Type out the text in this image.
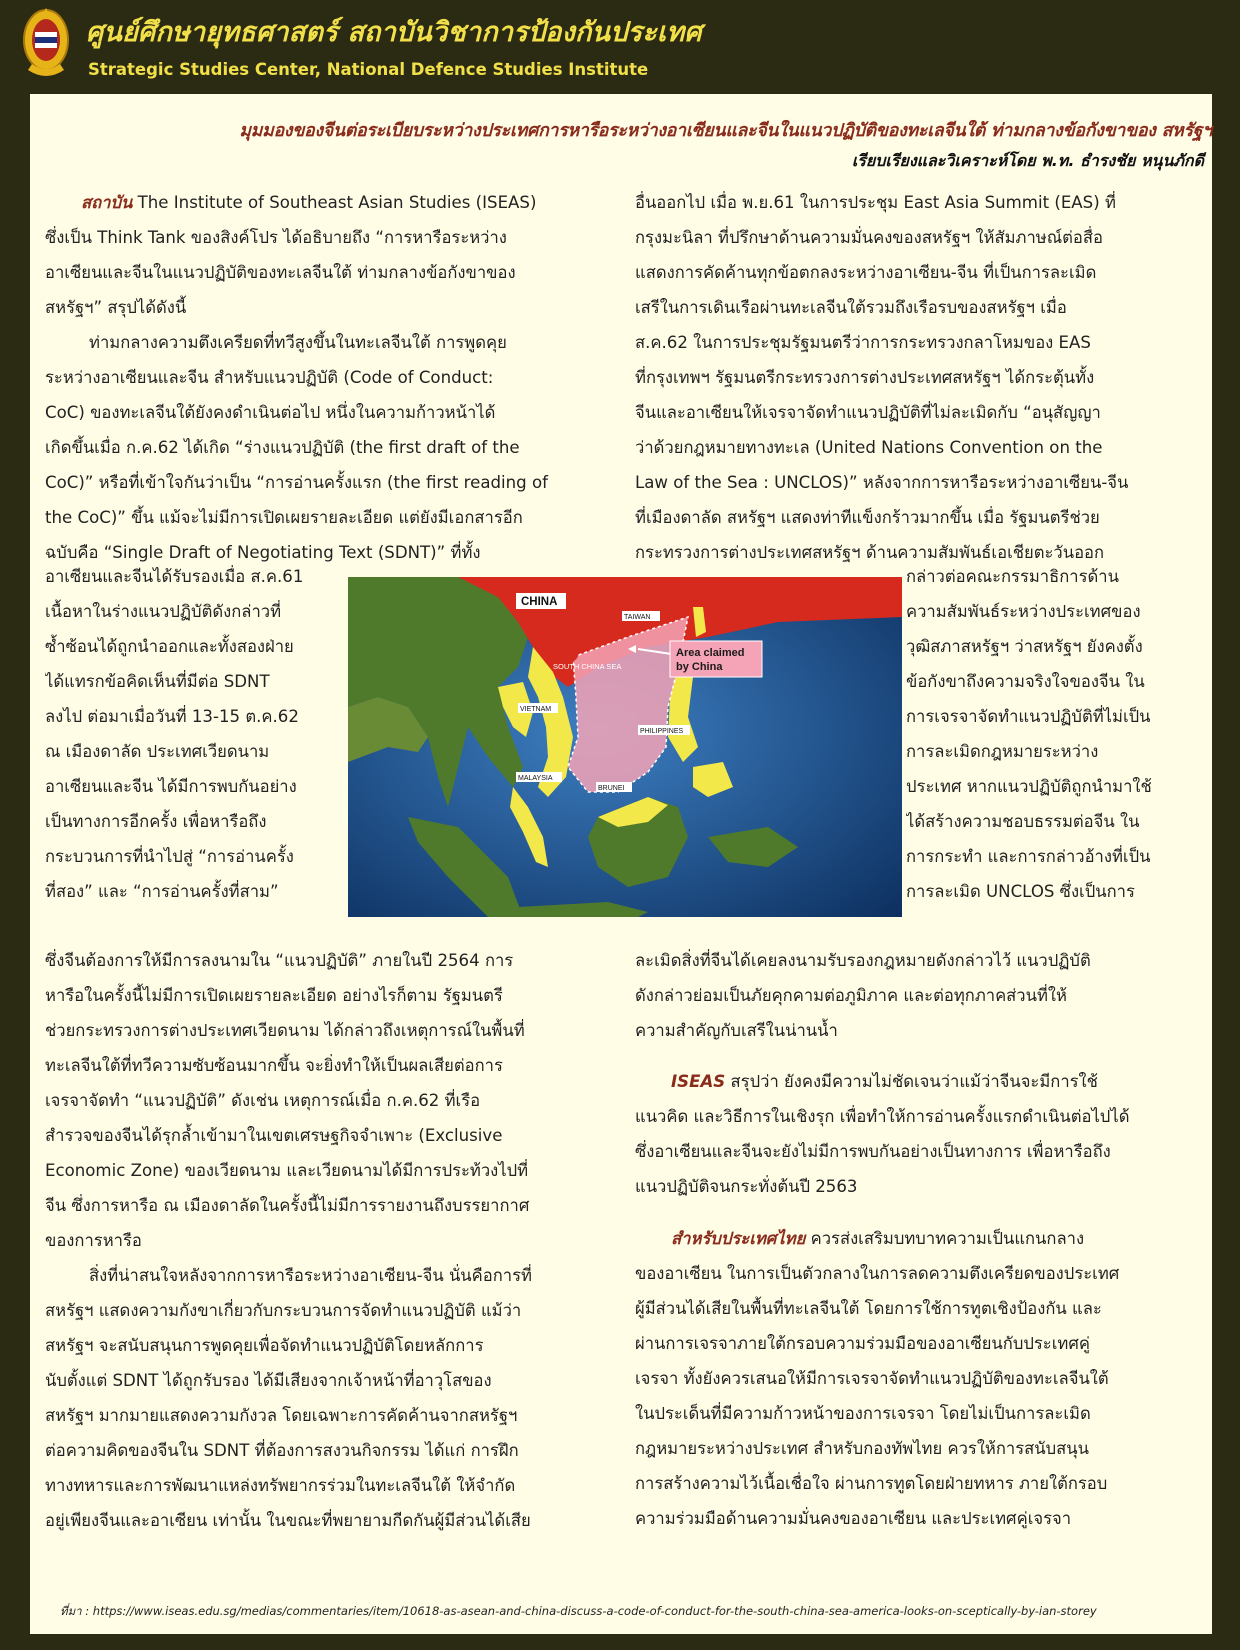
ศูนย์ศึกษายุทธศาสตร์ สถาบันวิชาการป้องกันประเทศ
Strategic Studies Center, National Defence Studies Institute
มุมมองของจีนต่อระเบียบระหว่างประเทศการหารือระหว่างอาเซียนและจีนในแนวปฏิบัติของทะเลจีนใต้ ท่ามกลางข้อกังขาของ สหรัฐฯ
เรียบเรียงและวิเคราะห์โดย พ.ท. ธำรงชัย หนุนภักดี
สถาบัน The Institute of Southeast Asian Studies (ISEAS)
ซึ่งเป็น Think Tank ของสิงค์โปร ได้อธิบายถึง “การหารือระหว่าง
อาเซียนและจีนในแนวปฏิบัติของทะเลจีนใต้ ท่ามกลางข้อกังขาของ
สหรัฐฯ” สรุปได้ดังนี้
ท่ามกลางความตึงเครียดที่ทวีสูงขึ้นในทะเลจีนใต้ การพูดคุย
ระหว่างอาเซียนและจีน สำหรับแนวปฏิบัติ (Code of Conduct:
CoC) ของทะเลจีนใต้ยังคงดำเนินต่อไป หนึ่งในความก้าวหน้าได้
เกิดขึ้นเมื่อ ก.ค.62 ได้เกิด “ร่างแนวปฏิบัติ (the first draft of the
CoC)” หรือที่เข้าใจกันว่าเป็น “การอ่านครั้งแรก (the first reading of
the CoC)” ขึ้น แม้จะไม่มีการเปิดเผยรายละเอียด แต่ยังมีเอกสารอีก
ฉบับคือ “Single Draft of Negotiating Text (SDNT)” ที่ทั้ง
อาเซียนและจีนได้รับรองเมื่อ ส.ค.61
เนื้อหาในร่างแนวปฏิบัติดังกล่าวที่
ซ้ำซ้อนได้ถูกนำออกและทั้งสองฝ่าย
ได้แทรกข้อคิดเห็นที่มีต่อ SDNT
ลงไป ต่อมาเมื่อวันที่ 13-15 ต.ค.62
ณ เมืองดาลัด ประเทศเวียดนาม
อาเซียนและจีน ได้มีการพบกันอย่าง
เป็นทางการอีกครั้ง เพื่อหารือถึง
กระบวนการที่นำไปสู่ “การอ่านครั้ง
ที่สอง” และ “การอ่านครั้งที่สาม”
ซึ่งจีนต้องการให้มีการลงนามใน “แนวปฏิบัติ” ภายในปี 2564 การ
หารือในครั้งนี้ไม่มีการเปิดเผยรายละเอียด อย่างไรก็ตาม รัฐมนตรี
ช่วยกระทรวงการต่างประเทศเวียดนาม ได้กล่าวถึงเหตุการณ์ในพื้นที่
ทะเลจีนใต้ที่ทวีความซับซ้อนมากขึ้น จะยิ่งทำให้เป็นผลเสียต่อการ
เจรจาจัดทำ “แนวปฏิบัติ” ดังเช่น เหตุการณ์เมื่อ ก.ค.62 ที่เรือ
สำรวจของจีนได้รุกล้ำเข้ามาในเขตเศรษฐกิจจำเพาะ (Exclusive
Economic Zone) ของเวียดนาม และเวียดนามได้มีการประท้วงไปที่
จีน ซึ่งการหารือ ณ เมืองดาลัดในครั้งนี้ไม่มีการรายงานถึงบรรยากาศ
ของการหารือ
สิ่งที่น่าสนใจหลังจากการหารือระหว่างอาเซียน-จีน นั่นคือการที่
สหรัฐฯ แสดงความกังขาเกี่ยวกับกระบวนการจัดทำแนวปฏิบัติ แม้ว่า
สหรัฐฯ จะสนับสนุนการพูดคุยเพื่อจัดทำแนวปฏิบัติโดยหลักการ
นับตั้งแต่ SDNT ได้ถูกรับรอง ได้มีเสียงจากเจ้าหน้าที่อาวุโสของ
สหรัฐฯ มากมายแสดงความกังวล โดยเฉพาะการคัดค้านจากสหรัฐฯ
ต่อความคิดของจีนใน SDNT ที่ต้องการสงวนกิจกรรม ได้แก่ การฝึก
ทางทหารและการพัฒนาแหล่งทรัพยากรร่วมในทะเลจีนใต้ ให้จำกัด
อยู่เพียงจีนและอาเซียน เท่านั้น ในขณะที่พยายามกีดกันผู้มีส่วนได้เสีย
อื่นออกไป เมื่อ พ.ย.61 ในการประชุม East Asia Summit (EAS) ที่
กรุงมะนิลา ที่ปรึกษาด้านความมั่นคงของสหรัฐฯ ให้สัมภาษณ์ต่อสื่อ
แสดงการคัดค้านทุกข้อตกลงระหว่างอาเซียน-จีน ที่เป็นการละเมิด
เสรีในการเดินเรือผ่านทะเลจีนใต้รวมถึงเรือรบของสหรัฐฯ เมื่อ
ส.ค.62 ในการประชุมรัฐมนตรีว่าการกระทรวงกลาโหมของ EAS
ที่กรุงเทพฯ รัฐมนตรีกระทรวงการต่างประเทศสหรัฐฯ ได้กระตุ้นทั้ง
จีนและอาเซียนให้เจรจาจัดทำแนวปฏิบัติที่ไม่ละเมิดกับ “อนุสัญญา
ว่าด้วยกฎหมายทางทะเล (United Nations Convention on the
Law of the Sea : UNCLOS)” หลังจากการหารือระหว่างอาเซียน-จีน
ที่เมืองดาลัด สหรัฐฯ แสดงท่าทีแข็งกร้าวมากขึ้น เมื่อ รัฐมนตรีช่วย
กระทรวงการต่างประเทศสหรัฐฯ ด้านความสัมพันธ์เอเชียตะวันออก
กล่าวต่อคณะกรรมาธิการด้าน
ความสัมพันธ์ระหว่างประเทศของ
วุฒิสภาสหรัฐฯ ว่าสหรัฐฯ ยังคงตั้ง
ข้อกังขาถึงความจริงใจของจีน ใน
การเจรจาจัดทำแนวปฏิบัติที่ไม่เป็น
การละเมิดกฎหมายระหว่าง
ประเทศ หากแนวปฏิบัติถูกนำมาใช้
ได้สร้างความชอบธรรมต่อจีน ใน
การกระทำ และการกล่าวอ้างที่เป็น
การละเมิด UNCLOS ซึ่งเป็นการ
ละเมิดสิ่งที่จีนได้เคยลงนามรับรองกฎหมายดังกล่าวไว้ แนวปฏิบัติ
ดังกล่าวย่อมเป็นภัยคุกคามต่อภูมิภาค และต่อทุกภาคส่วนที่ให้
ความสำคัญกับเสรีในน่านน้ำ
ISEAS สรุปว่า ยังคงมีความไม่ชัดเจนว่าแม้ว่าจีนจะมีการใช้
แนวคิด และวิธีการในเชิงรุก เพื่อทำให้การอ่านครั้งแรกดำเนินต่อไปได้
ซึ่งอาเซียนและจีนจะยังไม่มีการพบกันอย่างเป็นทางการ เพื่อหารือถึง
แนวปฏิบัติจนกระทั่งต้นปี 2563
สำหรับประเทศไทย ควรส่งเสริมบทบาทความเป็นแกนกลาง
ของอาเซียน ในการเป็นตัวกลางในการลดความตึงเครียดของประเทศ
ผู้มีส่วนได้เสียในพื้นที่ทะเลจีนใต้ โดยการใช้การทูตเชิงป้องกัน และ
ผ่านการเจรจาภายใต้กรอบความร่วมมือของอาเซียนกับประเทศคู่
เจรจา ทั้งยังควรเสนอให้มีการเจรจาจัดทำแนวปฏิบัติของทะเลจีนใต้
ในประเด็นที่มีความก้าวหน้าของการเจรจา โดยไม่เป็นการละเมิด
กฎหมายระหว่างประเทศ สำหรับกองทัพไทย ควรให้การสนับสนุน
การสร้างความไว้เนื้อเชื่อใจ ผ่านการทูตโดยฝ่ายทหาร ภายใต้กรอบ
ความร่วมมือด้านความมั่นคงของอาเซียน และประเทศคู่เจรจา
Area claimed
by China
CHINA
TAIWAN
SOUTH CHINA SEA
VIETNAM
PHILIPPINES
MALAYSIA
BRUNEI
ที่มา : https://www.iseas.edu.sg/medias/commentaries/item/10618-as-asean-and-china-discuss-a-code-of-conduct-for-the-south-china-sea-america-looks-on-sceptically-by-ian-storey
